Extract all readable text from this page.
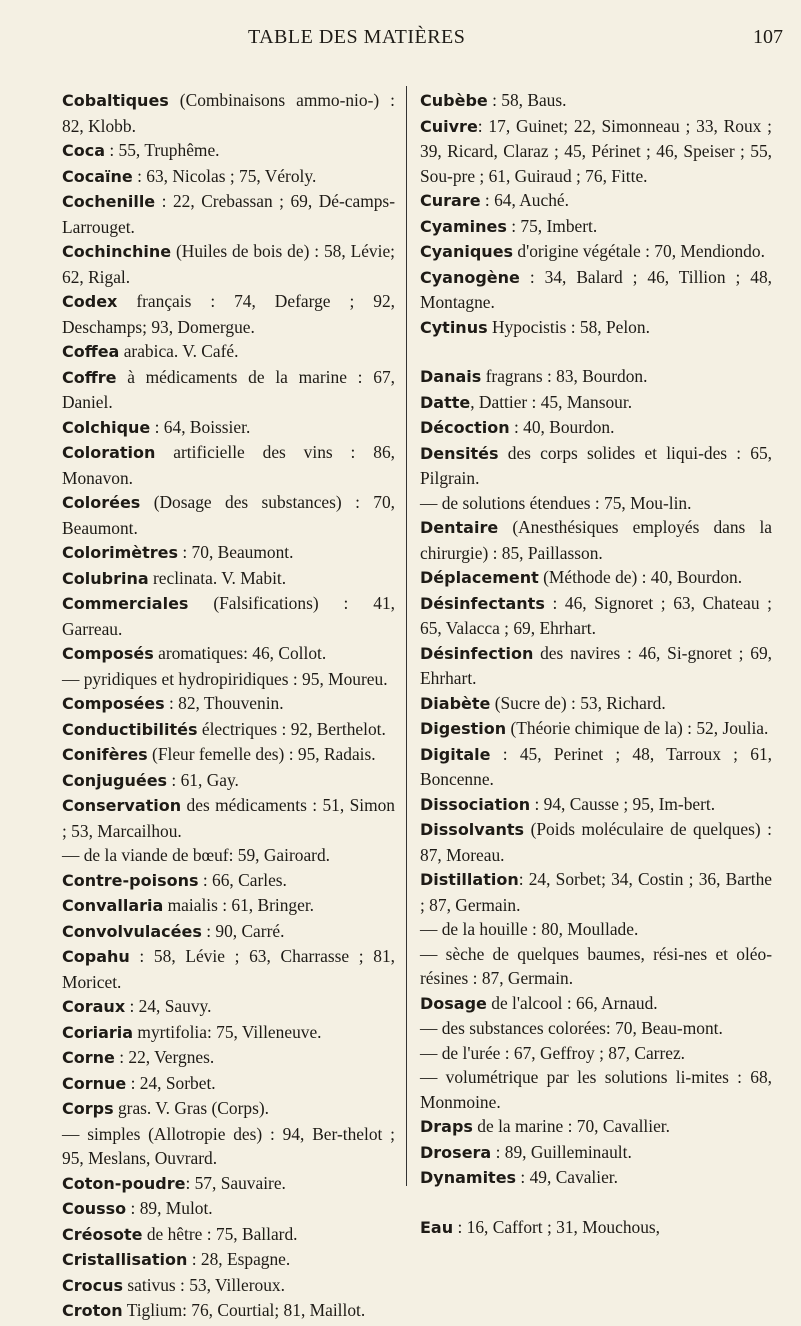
TABLE DES MATIÈRES	107

Cobaltiques (Combinaisons ammo-nio-) : 82, Klobb.

Coca : 55, Truphême.

Cocaïne : 63, Nicolas ; 75, Véroly.

Cochenille : 22, Crebassan ; 69, Dé-camps-Larrouget.

Cochinchine (Huiles de bois de) : 58, Lévie; 62, Rigal.

Codex français : 74, Defarge ; 92, Deschamps; 93, Domergue.

Coffea arabica. V. Café.

Coffre à médicaments de la marine : 67, Daniel.

Colchique : 64, Boissier.

Coloration artificielle des vins : 86, Monavon.

Colorées (Dosage des substances) : 70, Beaumont.

Colorimètres : 70, Beaumont.

Colubrina reclinata. V. Mabit.

Commerciales (Falsifications) : 41, Garreau.

Composés aromatiques: 46, Collot.

— pyridiques et hydropiridiques : 95, Moureu.

Composées : 82, Thouvenin.

Conductibilités électriques : 92, Berthelot.

Conifères (Fleur femelle des) : 95, Radais.

Conjuguées : 61, Gay.

Conservation des médicaments : 51, Simon ; 53, Marcailhou.

— de la viande de bœuf: 59, Gairoard.

Contre-poisons : 66, Carles.

Convallaria maialis : 61, Bringer.

Convolvulacées : 90, Carré.

Copahu : 58, Lévie ; 63, Charrasse ; 81, Moricet.

Coraux : 24, Sauvy.

Coriaria myrtifolia: 75, Villeneuve.

Corne : 22, Vergnes.

Cornue : 24, Sorbet.

Corps gras. V. Gras (Corps).

— simples (Allotropie des) : 94, Ber-thelot ; 95, Meslans, Ouvrard.

Coton-poudre: 57, Sauvaire.

Cousso : 89, Mulot.

Créosote de hêtre : 75, Ballard.

Cristallisation : 28, Espagne.

Crocus sativus : 53, Villeroux.

Croton Tiglium: 76, Courtial; 81, Maillot.

Cubèbe : 58, Baus.

Cuivre: 17, Guinet; 22, Simonneau ; 33, Roux ; 39, Ricard, Claraz ; 45, Périnet ; 46, Speiser ; 55, Sou-pre ; 61, Guiraud ; 76, Fitte.

Curare : 64, Auché.

Cyamines : 75, Imbert.

Cyaniques d'origine végétale : 70, Mendiondo.

Cyanogène : 34, Balard ; 46, Tillion ; 48, Montagne.

Cytinus Hypocistis : 58, Pelon.

Danais fragrans : 83, Bourdon.

Datte, Dattier : 45, Mansour.

Décoction : 40, Bourdon.

Densités des corps solides et liqui-des : 65, Pilgrain.

— de solutions étendues : 75, Mou-lin.

Dentaire (Anesthésiques employés dans la chirurgie) : 85, Paillasson.

Déplacement (Méthode de) : 40, Bourdon.

Désinfectants : 46, Signoret ; 63, Chateau ; 65, Valacca ; 69, Ehrhart.

Désinfection des navires : 46, Si-gnoret ; 69, Ehrhart.

Diabète (Sucre de) : 53, Richard.

Digestion (Théorie chimique de la) : 52, Joulia.

Digitale : 45, Perinet ; 48, Tarroux ; 61, Boncenne.

Dissociation : 94, Causse ; 95, Im-bert.

Dissolvants (Poids moléculaire de quelques) : 87, Moreau.

Distillation: 24, Sorbet; 34, Costin ; 36, Barthe ; 87, Germain.

— de la houille : 80, Moullade.

— sèche de quelques baumes, rési-nes et oléo-résines : 87, Germain.

Dosage de l'alcool : 66, Arnaud.

— des substances colorées: 70, Beau-mont.

— de l'urée : 67, Geffroy ; 87, Carrez.

— volumétrique par les solutions li-mites : 68, Monmoine.

Draps de la marine : 70, Cavallier.

Drosera : 89, Guilleminault.

Dynamites : 49, Cavalier.

Eau : 16, Caffort ; 31, Mouchous,
